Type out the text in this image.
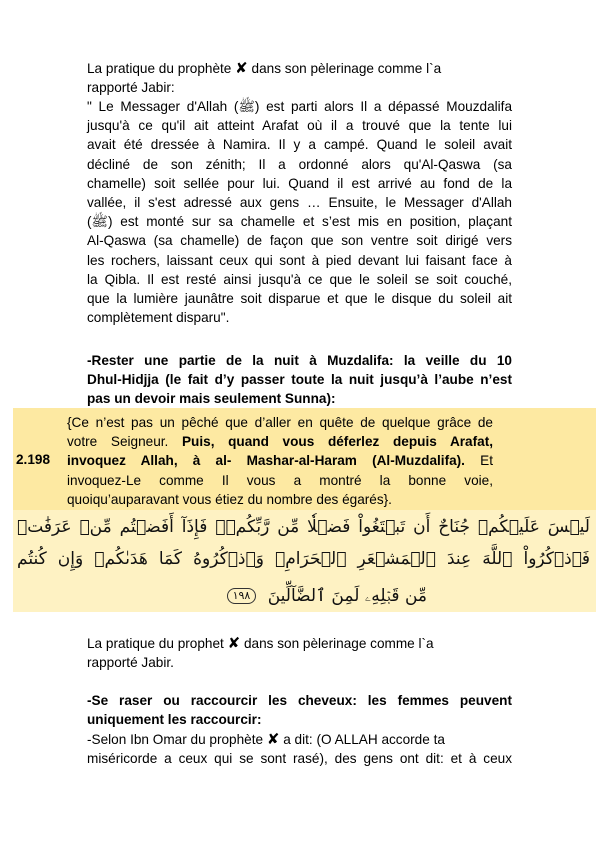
La pratique du prophète ✘ dans son pèlerinage comme l`a
rapporté Jabir:
" Le Messager d'Allah (ﷺ) est parti alors Il a dépassé Mouzdalifa
jusqu'à ce qu'il ait atteint Arafat où il a trouvé que la tente lui
avait été dressée à Namira. Il y a campé. Quand le soleil avait
décliné de son zénith; Il a ordonné alors qu'Al-Qaswa (sa
chamelle) soit sellée pour lui. Quand il est arrivé au fond de la
vallée, il s'est adressé aux gens … Ensuite, le Messager d'Allah
(ﷺ) est monté sur sa chamelle et s’est mis en position, plaçant
Al-Qaswa (sa chamelle) de façon que son ventre soit dirigé vers
les rochers, laissant ceux qui sont à pied devant lui faisant face à
la Qibla. Il est resté ainsi jusqu'à ce que le soleil se soit couché,
que la lumière jaunâtre soit disparue et que le disque du soleil ait
complètement disparu".
-Rester une partie de la nuit à Muzdalifa: la veille du 10
Dhul-Hidjja (le fait d’y passer toute la nuit jusqu’à l’aube n’est
pas un devoir mais seulement Sunna):
2.198
{Ce n’est pas un pêché que d’aller en quête de quelque grâce de
votre Seigneur. Puis, quand vous déferlez depuis Arafat,
invoquez Allah, à al- Mashar-al-Haram (Al-Muzdalifa). Et
invoquez-Le comme Il vous a montré la bonne voie,
quoiqu’auparavant vous étiez du nombre des égarés}.
لَيۡسَ عَلَيۡكُمۡ جُنَاحٌ أَن تَبۡتَغُواْ فَضۡلٗا مِّن رَّبِّكُمۡۚ فَإِذَآ أَفَضۡتُم مِّنۡ عَرَفَٰتٖ
فَٱذۡكُرُواْ ٱللَّهَ عِندَ ٱلۡمَشۡعَرِ ٱلۡحَرَامِۖ وَٱذۡكُرُوهُ كَمَا هَدَىٰكُمۡ وَإِن كُنتُم
مِّن قَبۡلِهِۦ لَمِنَ ٱلضَّآلِّينَ ١٩٨
La pratique du prophet ✘ dans son pèlerinage comme l`a
rapporté Jabir.
-Se raser ou raccourcir les cheveux: les femmes peuvent
uniquement les raccourcir:
-Selon Ibn Omar du prophète ✘ a dit: (O ALLAH accorde ta
miséricorde a ceux qui se sont rasé), des gens ont dit: et à ceux
